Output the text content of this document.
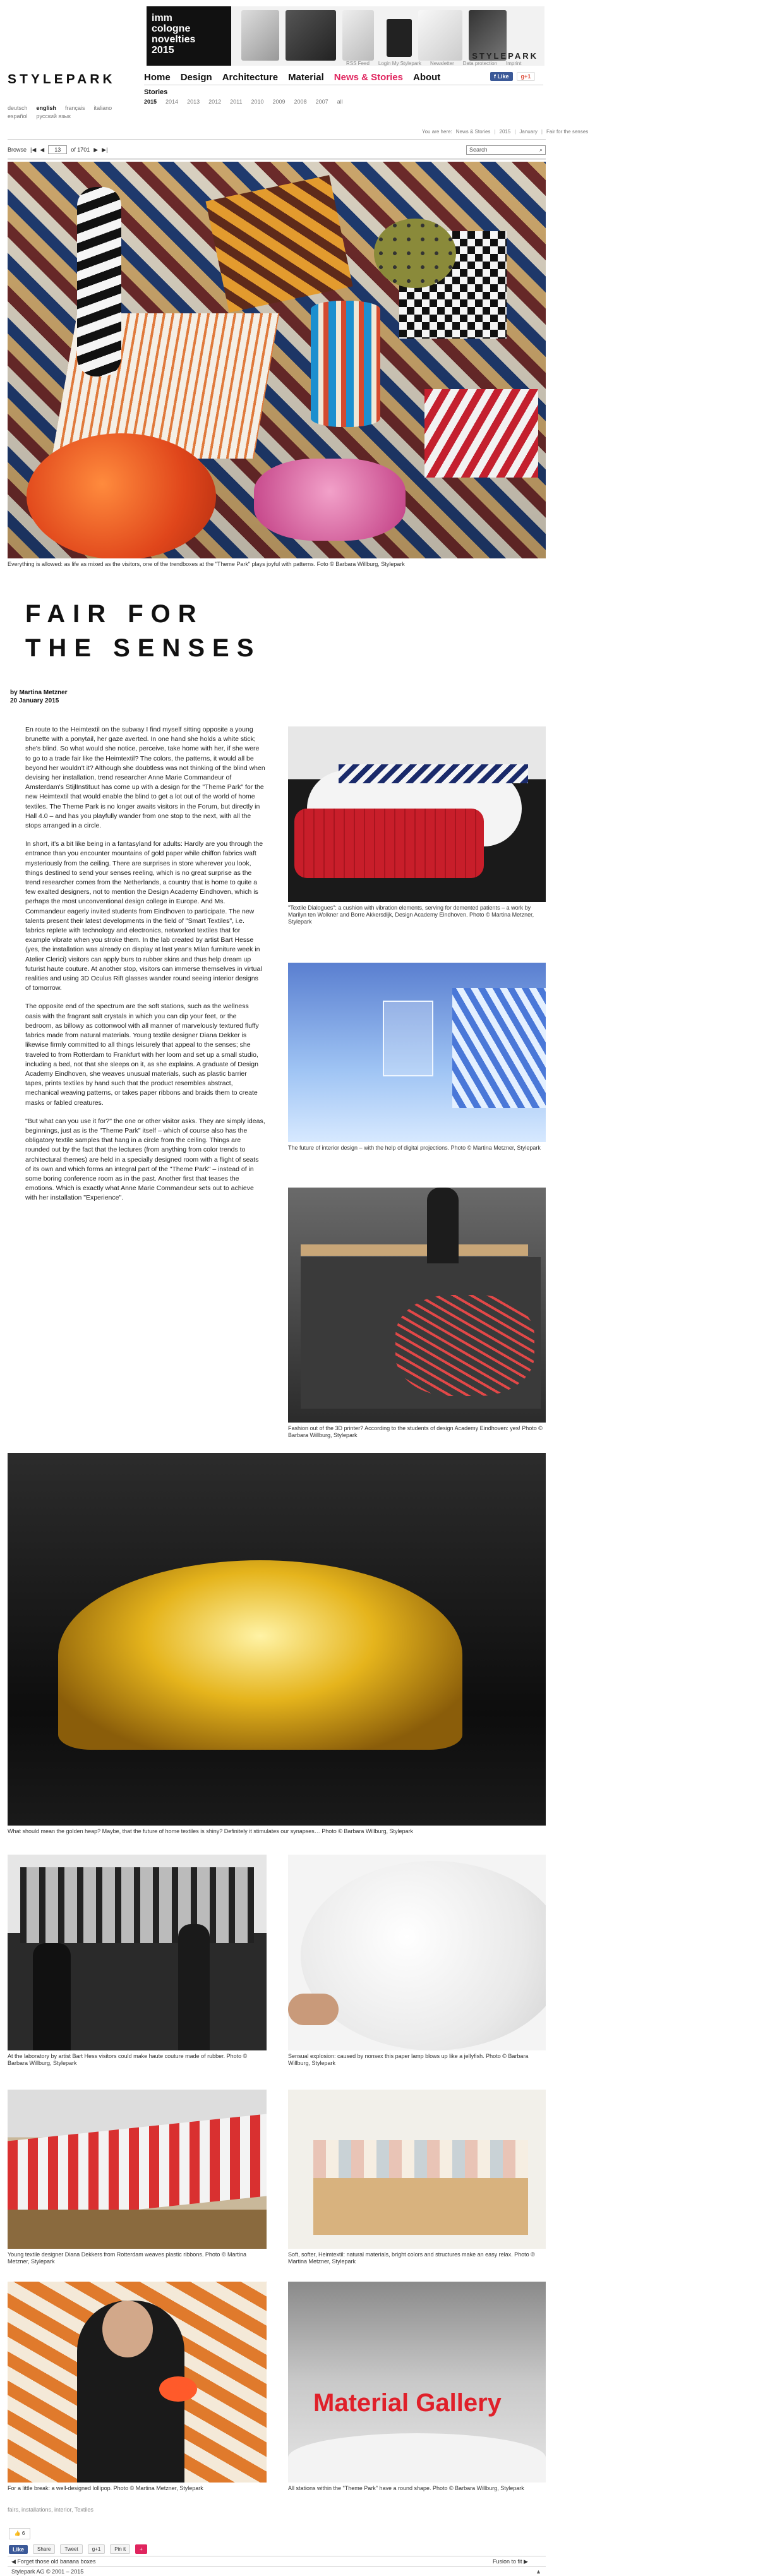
imm
cologne
novelties
2015
STYLEPARK
RSS Feed Login My Stylepark Newsletter Data protection Imprint
STYLEPARK	Home Design Architecture Material News & Stories About	f Like	g+1
Stories
2015 2014 2013 2012 2011 2010 2009 2008 2007 all
deutsch english français italiano
español pусский язык
You are here: News & Stories | 2015 | January | Fair for the senses
Browse |◀ ◀	13	of 1701 ▶ ▶|	Search	⌕
Everything is allowed: as life as mixed as the visitors, one of the trendboxes at the "Theme Park" plays joyful with patterns. Foto © Barbara Willburg, Stylepark
FAIR FOR
THE SENSES
by Martina Metzner
20 January 2015

En route to the Heimtextil on the subway I find myself sitting opposite a young brunette with a ponytail, her gaze averted. In one hand she holds a white stick; she's blind. So what would she notice, perceive, take home with her, if she were to go to a trade fair like the Heimtextil? The colors, the patterns, it would all be beyond her wouldn't it? Although she doubtless was not thinking of the blind when devising her installation, trend researcher Anne Marie Commandeur of Amsterdam's StijlInstituut has come up with a design for the "Theme Park" for the new Heimtextil that would enable the blind to get a lot out of the world of home textiles. The Theme Park is no longer awaits visitors in the Forum, but directly in Hall 4.0 – and has you playfully wander from one stop to the next, with all the stops arranged in a circle.

In short, it's a bit like being in a fantasyland for adults: Hardly are you through the entrance than you encounter mountains of gold paper while chiffon fabrics waft mysteriously from the ceiling. There are surprises in store wherever you look, things destined to send your senses reeling, which is no great surprise as the trend researcher comes from the Netherlands, a country that is home to quite a few exalted designers, not to mention the Design Academy Eindhoven, which is perhaps the most unconventional design college in Europe. And Ms. Commandeur eagerly invited students from Eindhoven to participate. The new talents present their latest developments in the field of "Smart Textiles", i.e. fabrics replete with technology and electronics, networked textiles that for example vibrate when you stroke them. In the lab created by artist Bart Hesse (yes, the installation was already on display at last year's Milan furniture week in Atelier Clerici) visitors can apply burs to rubber skins and thus help dream up futurist haute couture. At another stop, visitors can immerse themselves in virtual realities and using 3D Oculus Rift glasses wander round seeing interior designs of tomorrow.

The opposite end of the spectrum are the soft stations, such as the wellness oasis with the fragrant salt crystals in which you can dip your feet, or the bedroom, as billowy as cottonwool with all manner of marvelously textured fluffy fabrics made from natural materials. Young textile designer Diana Dekker is likewise firmly committed to all things leisurely that appeal to the senses; she traveled to from Rotterdam to Frankfurt with her loom and set up a small studio, including a bed, not that she sleeps on it, as she explains. A graduate of Design Academy Eindhoven, she weaves unusual materials, such as plastic barrier tapes, prints textiles by hand such that the product resembles abstract, mechanical weaving patterns, or takes paper ribbons and braids them to create masks or fabled creatures.

"But what can you use it for?" the one or other visitor asks. They are simply ideas, beginnings, just as is the "Theme Park" itself – which of course also has the obligatory textile samples that hang in a circle from the ceiling. Things are rounded out by the fact that the lectures (from anything from color trends to architectural themes) are held in a specially designed room with a flight of seats of its own and which forms an integral part of the "Theme Park" – instead of in some boring conference room as in the past. Another first that teases the emotions. Which is exactly what Anne Marie Commandeur sets out to achieve with her installation "Experience".

"Textile Dialogues": a cushion with vibration elements, serving for demented patients – a work by Marilyn ten Wolkner and Borre Akkersdijk, Design Academy Eindhoven. Photo © Martina Metzner, Stylepark
The future of interior design – with the help of digital projections. Photo © Martina Metzner, Stylepark
Fashion out of the 3D printer? According to the students of design Academy Eindhoven: yes! Photo © Barbara Willburg, Stylepark
What should mean the golden heap? Maybe, that the future of home textiles is shiny? Definitely it stimulates our synapses… Photo © Barbara Willburg, Stylepark
At the laboratory by artist Bart Hess visitors could make haute couture made of rubber. Photo © Barbara Willburg, Stylepark
Sensual explosion: caused by nonsex this paper lamp blows up like a jellyfish. Photo © Barbara Willburg, Stylepark
Young textile designer Diana Dekkers from Rotterdam weaves plastic ribbons. Photo © Martina Metzner, Stylepark
Soft, softer, Heimtextil: natural materials, bright colors and structures make an easy relax. Photo © Martina Metzner, Stylepark
For a little break: a well-designed lollipop. Photo © Martina Metzner, Stylepark
Material Gallery
All stations within the "Theme Park" have a round shape. Photo © Barbara Willburg, Stylepark
fairs, installations, interior, Textiles
👍 6
Like	Share	Tweet	g+1	Pin it	+
◀ Forget those old banana boxes	Fusion to fit ▶
Stylepark AG © 2001 – 2015	▲
